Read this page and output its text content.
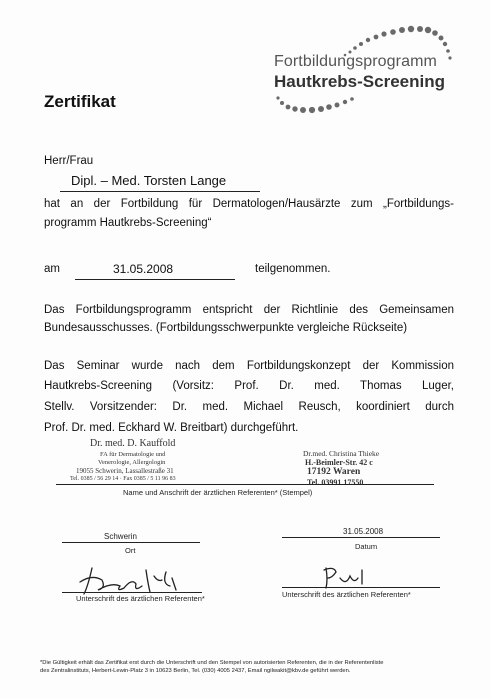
Fortbildungsprogramm
Hautkrebs-Screening
Zertifikat
Herr/Frau
Dipl. – Med. Torsten Lange
hat an der Fortbildung für Dermatologen/Hausärzte zum „Fortbildungs-
programm Hautkrebs-Screening“
am	31.05.2008	teilgenommen.
Das Fortbildungsprogramm entspricht der Richtlinie des Gemeinsamen
Bundesausschusses. (Fortbildungsschwerpunkte vergleiche Rückseite)
Das Seminar wurde nach dem Fortbildungskonzept der Kommission
Hautkrebs-Screening (Vorsitz: Prof. Dr. med. Thomas Luger,
Stellv. Vorsitzender: Dr. med. Michael Reusch, koordiniert durch
Prof. Dr. med. Eckhard W. Breitbart) durchgeführt.
Dr. med. D. Kauffold
FA für Dermatologie und
Venerologie, Allergologin
19055 Schwerin, Lassallestraße 31
Tel. 0385 / 56 29 14 · Fax 0385 / 5 11 96 83
Dr.med. Christina Thieke
H.-Beimler-Str. 42 c
17192 Waren
Tel. 03991 17550
Name und Anschrift der ärztlichen Referenten* (Stempel)
Schwerin
Ort
31.05.2008
Datum
Unterschrift des ärztlichen Referenten*	Unterschrift des ärztlichen Referenten*
*Die Gültigkeit erhält das Zertifikat erst durch die Unterschrift und den Stempel von autorisierten Referenten, die in der Referentenliste
des Zentralinstituts, Herbert-Lewin-Platz 3 in 10623 Berlin, Tel. (030) 4005 2437, Email ngilwakit@kbv.de geführt werden.
